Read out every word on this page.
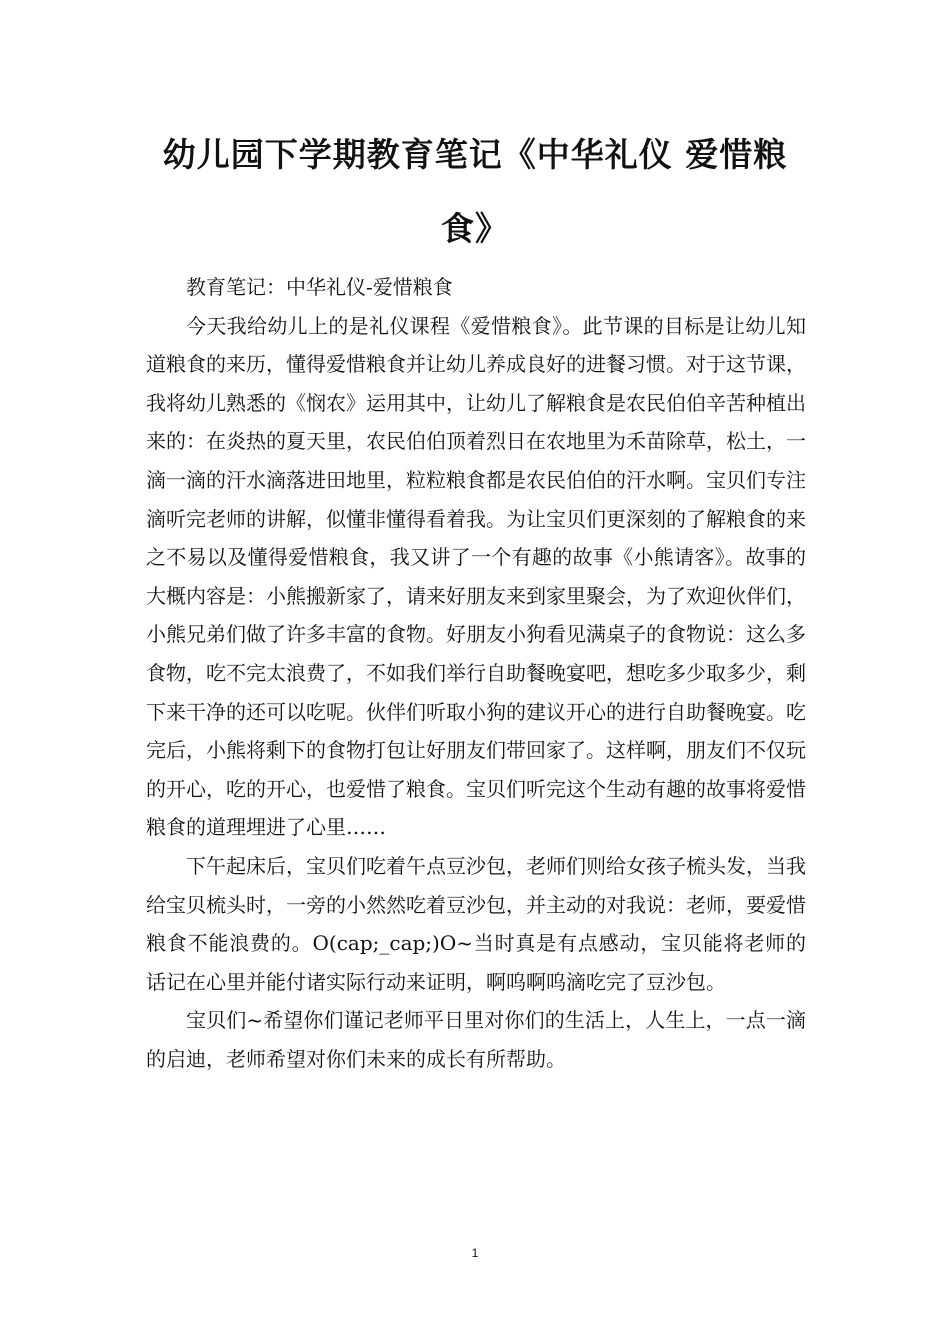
幼儿园下学期教育笔记《中华礼仪 爱惜粮食》

教育笔记：中华礼仪-爱惜粮食

今天我给幼儿上的是礼仪课程《爱惜粮食》。此节课的目标是让幼儿知道粮食的来历，懂得爱惜粮食并让幼儿养成良好的进餐习惯。对于这节课，我将幼儿熟悉的《悯农》运用其中，让幼儿了解粮食是农民伯伯辛苦种植出来的：在炎热的夏天里，农民伯伯顶着烈日在农地里为禾苗除草，松土，一滴一滴的汗水滴落进田地里，粒粒粮食都是农民伯伯的汗水啊。宝贝们专注滴听完老师的讲解，似懂非懂得看着我。为让宝贝们更深刻的了解粮食的来之不易以及懂得爱惜粮食，我又讲了一个有趣的故事《小熊请客》。故事的大概内容是：小熊搬新家了，请来好朋友来到家里聚会，为了欢迎伙伴们，小熊兄弟们做了许多丰富的食物。好朋友小狗看见满桌子的食物说：这么多食物，吃不完太浪费了，不如我们举行自助餐晚宴吧，想吃多少取多少，剩下来干净的还可以吃呢。伙伴们听取小狗的建议开心的进行自助餐晚宴。吃完后，小熊将剩下的食物打包让好朋友们带回家了。这样啊，朋友们不仅玩的开心，吃的开心，也爱惜了粮食。宝贝们听完这个生动有趣的故事将爱惜粮食的道理埋进了心里……

下午起床后，宝贝们吃着午点豆沙包，老师们则给女孩子梳头发，当我给宝贝梳头时，一旁的小然然吃着豆沙包，并主动的对我说：老师，要爱惜粮食不能浪费的。O(cap;_cap;)O~当时真是有点感动，宝贝能将老师的话记在心里并能付诸实际行动来证明，啊呜啊呜滴吃完了豆沙包。

宝贝们~希望你们谨记老师平日里对你们的生活上，人生上，一点一滴的启迪，老师希望对你们未来的成长有所帮助。

1
